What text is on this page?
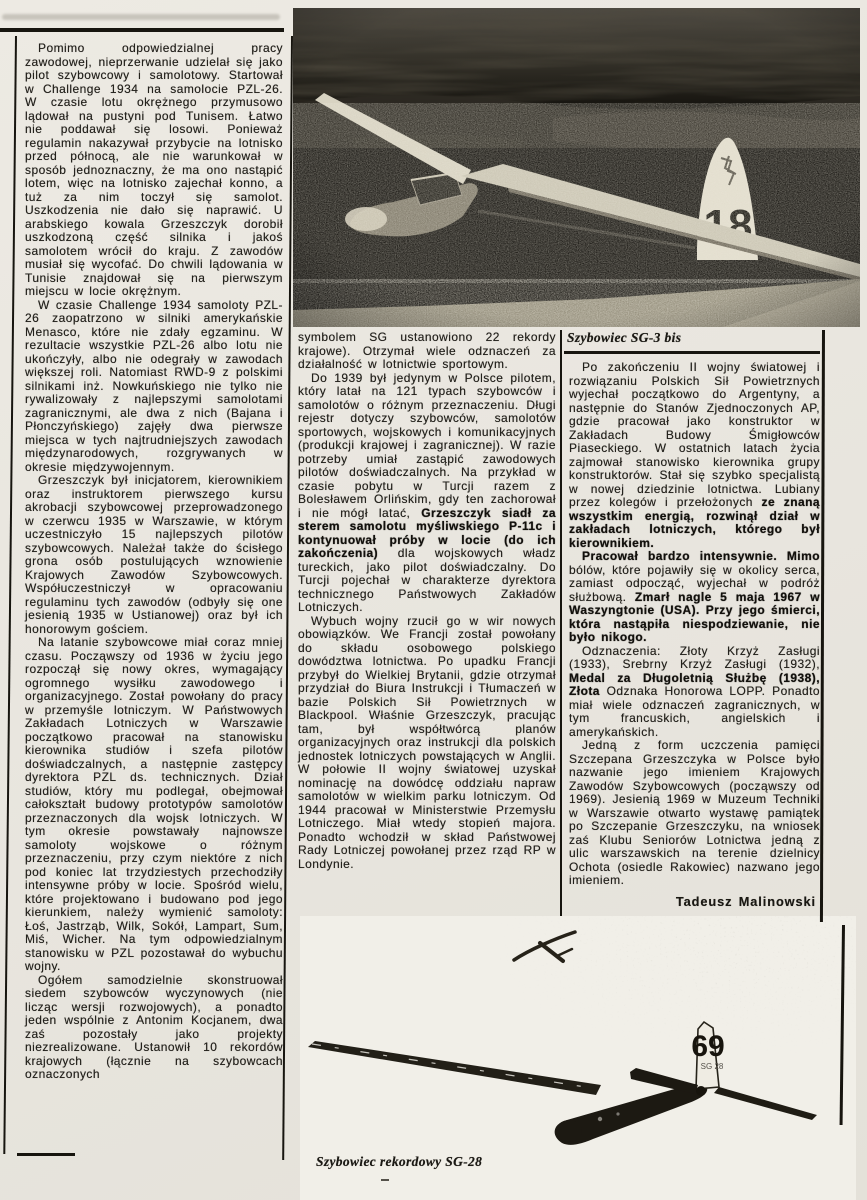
69
SG 28
Szybowiec SG-3 bis
Szybowiec rekordowy SG-28

Pomimo odpowiedzialnej pracy zawodowej, nieprzerwanie udzielał się jako pilot szybowcowy i samolotowy. Startował w Challenge 1934 na samolocie PZL-26. W czasie lotu okrężnego przymusowo lądował na pustyni pod Tunisem. Łatwo nie poddawał się losowi. Ponieważ regulamin nakazywał przybycie na lotnisko przed północą, ale nie warunkował w sposób jednoznaczny, że ma ono nastąpić lotem, więc na lotnisko zajechał konno, a tuż za nim toczył się samolot. Uszkodzenia nie dało się naprawić. U arabskiego kowala Grzeszczyk dorobił uszkodzoną część silnika i jakoś samolotem wrócił do kraju. Z zawodów musiał się wycofać. Do chwili lądowania w Tunisie znajdował się na pierwszym miejscu w locie okrężnym.

W czasie Challenge 1934 samoloty PZL-26 zaopatrzono w silniki amerykańskie Menasco, które nie zdały egzaminu. W rezultacie wszystkie PZL-26 albo lotu nie ukończyły, albo nie odegrały w zawodach większej roli. Natomiast RWD-9 z polskimi silnikami inż. Nowkuńskiego nie tylko nie rywalizowały z najlepszymi samolotami zagranicznymi, ale dwa z nich (Bajana i Płonczyńskiego) zajęły dwa pierwsze miejsca w tych najtrudniejszych zawodach międzynarodowych, rozgrywanych w okresie międzywojennym.

Grzeszczyk był inicjatorem, kierownikiem oraz instruktorem pierwszego kursu akrobacji szybowcowej przeprowadzonego w czerwcu 1935 w Warszawie, w którym uczestniczyło 15 najlepszych pilotów szybowcowych. Należał także do ścisłego grona osób postulujących wznowienie Krajowych Zawodów Szybowcowych. Współuczestniczył w opracowaniu regulaminu tych zawodów (odbyły się one jesienią 1935 w Ustianowej) oraz był ich honorowym gościem.

Na latanie szybowcowe miał coraz mniej czasu. Począwszy od 1936 w życiu jego rozpoczął się nowy okres, wymagający ogromnego wysiłku zawodowego i organizacyjnego. Został powołany do pracy w przemyśle lotniczym. W Państwowych Zakładach Lotniczych w Warszawie początkowo pracował na stanowisku kierownika studiów i szefa pilotów doświadczalnych, a następnie zastępcy dyrektora PZL ds. technicznych. Dział studiów, który mu podlegał, obejmował całokształt budowy prototypów samolotów przeznaczonych dla wojsk lotniczych. W tym okresie powstawały najnowsze samoloty wojskowe o różnym przeznaczeniu, przy czym niektóre z nich pod koniec lat trzydziestych przechodziły intensywne próby w locie. Spośród wielu, które projektowano i budowano pod jego kierunkiem, należy wymienić samoloty: Łoś, Jastrząb, Wilk, Sokół, Lampart, Sum, Miś, Wicher. Na tym odpowiedzialnym stanowisku w PZL pozostawał do wybuchu wojny.

Ogółem samodzielnie skonstruował siedem szybowców wyczynowych (nie licząc wersji rozwojowych), a ponadto jeden wspólnie z Antonim Kocjanem, dwa zaś pozostały jako projekty niezrealizowane. Ustanowił 10 rekordów krajowych (łącznie na szybowcach oznaczonych

symbolem SG ustanowiono 22 rekordy krajowe). Otrzymał wiele odznaczeń za działalność w lotnictwie sportowym.

Do 1939 był jedynym w Polsce pilotem, który latał na 121 typach szybowców i samolotów o różnym przeznaczeniu. Długi rejestr dotyczy szybowców, samolotów sportowych, wojskowych i komunikacyjnych (produkcji krajowej i zagranicznej). W razie potrzeby umiał zastąpić zawodowych pilotów doświadczalnych. Na przykład w czasie pobytu w Turcji razem z Bolesławem Orlińskim, gdy ten zachorował i nie mógł latać, Grzeszczyk siadł za sterem samolotu myśliwskiego P-11c i kontynuował próby w locie (do ich zakończenia) dla wojskowych władz tureckich, jako pilot doświadczalny. Do Turcji pojechał w charakterze dyrektora technicznego Państwowych Zakładów Lotniczych.

Wybuch wojny rzucił go w wir nowych obowiązków. We Francji został powołany do składu osobowego polskiego dowództwa lotnictwa. Po upadku Francji przybył do Wielkiej Brytanii, gdzie otrzymał przydział do Biura Instrukcji i Tłumaczeń w bazie Polskich Sił Powietrznych w Blackpool. Właśnie Grzeszczyk, pracując tam, był współtwórcą planów organizacyjnych oraz instrukcji dla polskich jednostek lotniczych powstających w Anglii. W połowie II wojny światowej uzyskał nominację na dowódcę oddziału napraw samolotów w wielkim parku lotniczym. Od 1944 pracował w Ministerstwie Przemysłu Lotniczego. Miał wtedy stopień majora. Ponadto wchodził w skład Państwowej Rady Lotniczej powołanej przez rząd RP w Londynie.

Po zakończeniu II wojny światowej i rozwiązaniu Polskich Sił Powietrznych wyjechał początkowo do Argentyny, a następnie do Stanów Zjednoczonych AP, gdzie pracował jako konstruktor w Zakładach Budowy Śmigłowców Piaseckiego. W ostatnich latach życia zajmował stanowisko kierownika grupy konstruktorów. Stał się szybko specjalistą w nowej dziedzinie lotnictwa. Lubiany przez kolegów i przełożonych ze znaną wszystkim energią, rozwinął dział w zakładach lotniczych, którego był kierownikiem.

Pracował bardzo intensywnie. Mimo bólów, które pojawiły się w okolicy serca, zamiast odpocząć, wyjechał w podróż służbową. Zmarł nagle 5 maja 1967 w Waszyngtonie (USA). Przy jego śmierci, która nastąpiła niespodziewanie, nie było nikogo.

Odznaczenia: Złoty Krzyż Zasługi (1933), Srebrny Krzyż Zasługi (1932), Medal za Długoletnią Służbę (1938), Złota Odznaka Honorowa LOPP. Ponadto miał wiele odznaczeń zagranicznych, w tym francuskich, angielskich i amerykańskich.

Jedną z form uczczenia pamięci Szczepana Grzeszczyka w Polsce było nazwanie jego imieniem Krajowych Zawodów Szybowcowych (począwszy od 1969). Jesienią 1969 w Muzeum Techniki w Warszawie otwarto wystawę pamiątek po Szczepanie Grzeszczyku, na wniosek zaś Klubu Seniorów Lotnictwa jedną z ulic warszawskich na terenie dzielnicy Ochota (osiedle Rakowiec) nazwano jego imieniem.

Tadeusz Malinowski
